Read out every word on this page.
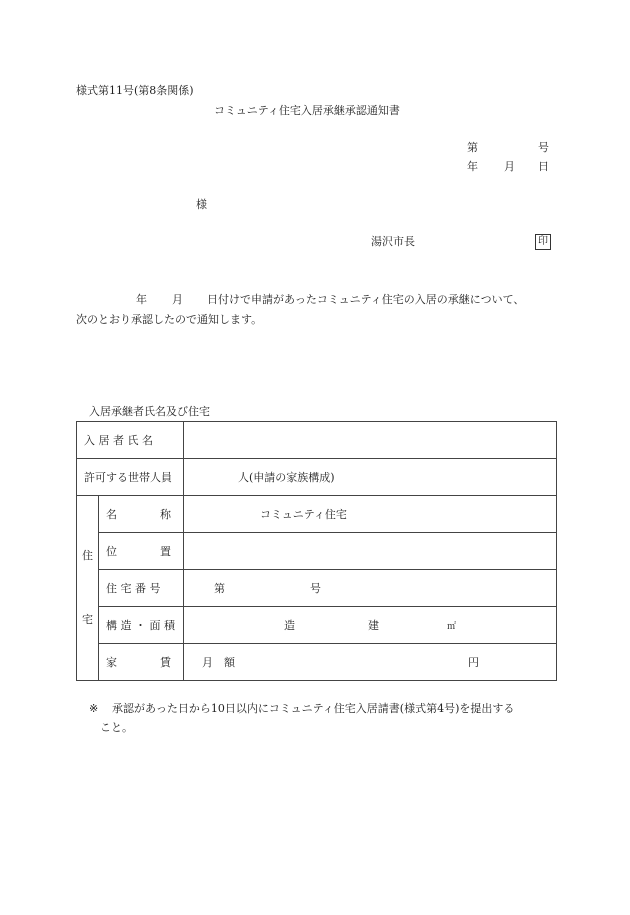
様式第11号(第8条関係)
コミュニティ住宅入居承継承認通知書
第	号
年 月 日
様
湯沢市長	印
年 月 日付けで申請があったコミュニティ住宅の入居の承継について、
次のとおり承認したので通知します。
入居承継者氏名及び住宅
入 居 者 氏 名		
許可する世帯人員		人(申請の家族構成)

住
宅	名 称	コミュニティ住宅

	位 置	

	住 宅 番 号	第 号
	構 造 ・ 面 積	造 建 ㎡

	家 賃	月　額 円
※ 承認があった日から10日以内にコミュニティ住宅入居請書(様式第4号)を提出する
こと。
